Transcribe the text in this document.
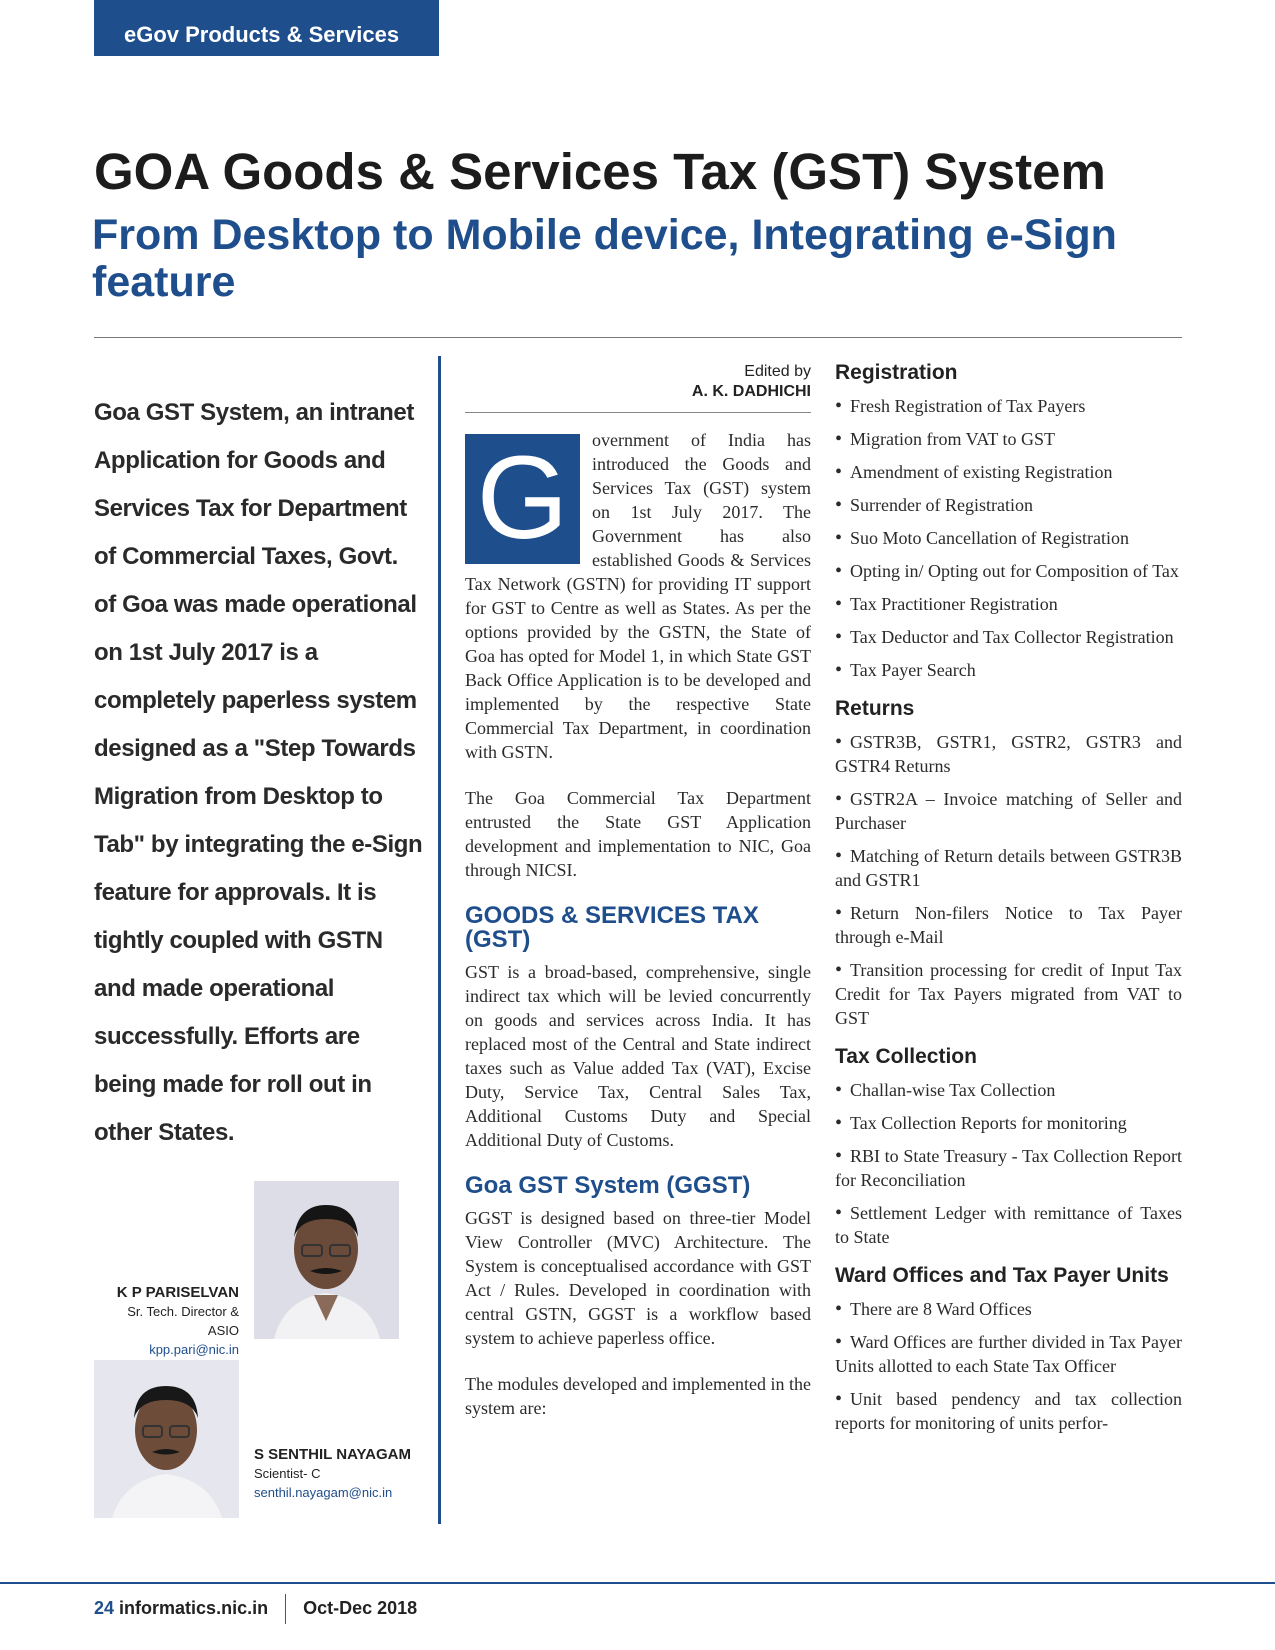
eGov Products & Services
GOA Goods & Services Tax (GST) System
From Desktop to Mobile device, Integrating e-Sign feature
Goa GST System, an intranet Application for Goods and Services Tax for Department of Commercial Taxes, Govt. of Goa was made operational on 1st July 2017 is a completely paperless system designed as a "Step Towards Migration from Desktop to Tab" by integrating the e-Sign feature for approvals. It is tightly coupled with GSTN and made operational successfully. Efforts are being made for roll out in other States.
K P PARISELVAN
Sr. Tech. Director & ASIO
kpp.pari@nic.in
S SENTHIL NAYAGAM
Scientist- C
senthil.nayagam@nic.in
Edited by
A. K. DADHICHI
G	overnment of India has introduced the Goods and Services Tax (GST) system on 1st July 2017. The Government has also established Goods & Services Tax Network (GSTN) for providing IT support for GST to Centre as well as States. As per the options provided by the GSTN, the State of Goa has opted for Model 1, in which State GST Back Office Application is to be developed and implemented by the respective State Commercial Tax Department, in coordination with GSTN.

The Goa Commercial Tax Department entrusted the State GST Application development and implementation to NIC, Goa through NICSI.

GOODS & SERVICES TAX (GST)

GST is a broad-based, comprehensive, single indirect tax which will be levied concurrently on goods and services across India. It has replaced most of the Central and State indirect taxes such as Value added Tax (VAT), Excise Duty, Service Tax, Central Sales Tax, Additional Customs Duty and Special Additional Duty of Customs.

Goa GST System (GGST)

GGST is designed based on three-tier Model View Controller (MVC) Architecture. The System is conceptualised accordance with GST Act / Rules. Developed in coordination with central GSTN, GGST is a workflow based system to achieve paperless office.

The modules developed and implemented in the system are:

Registration
• Fresh Registration of Tax Payers
• Migration from VAT to GST
• Amendment of existing Registration
• Surrender of Registration
• Suo Moto Cancellation of Registration
• Opting in/ Opting out for Composition of Tax
• Tax Practitioner Registration
• Tax Deductor and Tax Collector Registration
• Tax Payer Search
Returns
• GSTR3B, GSTR1, GSTR2, GSTR3 and GSTR4 Returns
• GSTR2A – Invoice matching of Seller and Purchaser
• Matching of Return details between GSTR3B and GSTR1
• Return Non-filers Notice to Tax Payer through e-Mail
• Transition processing for credit of Input Tax Credit for Tax Payers migrated from VAT to GST
Tax Collection
• Challan-wise Tax Collection
• Tax Collection Reports for monitoring
• RBI to State Treasury - Tax Collection Report for Reconciliation
• Settlement Ledger with remittance of Taxes to State
Ward Offices and Tax Payer Units
• There are 8 Ward Offices
• Ward Offices are further divided in Tax Payer Units allotted to each State Tax Officer
• Unit based pendency and tax collection reports for monitoring of units perfor-
24 informatics.nic.in Oct-Dec 2018
